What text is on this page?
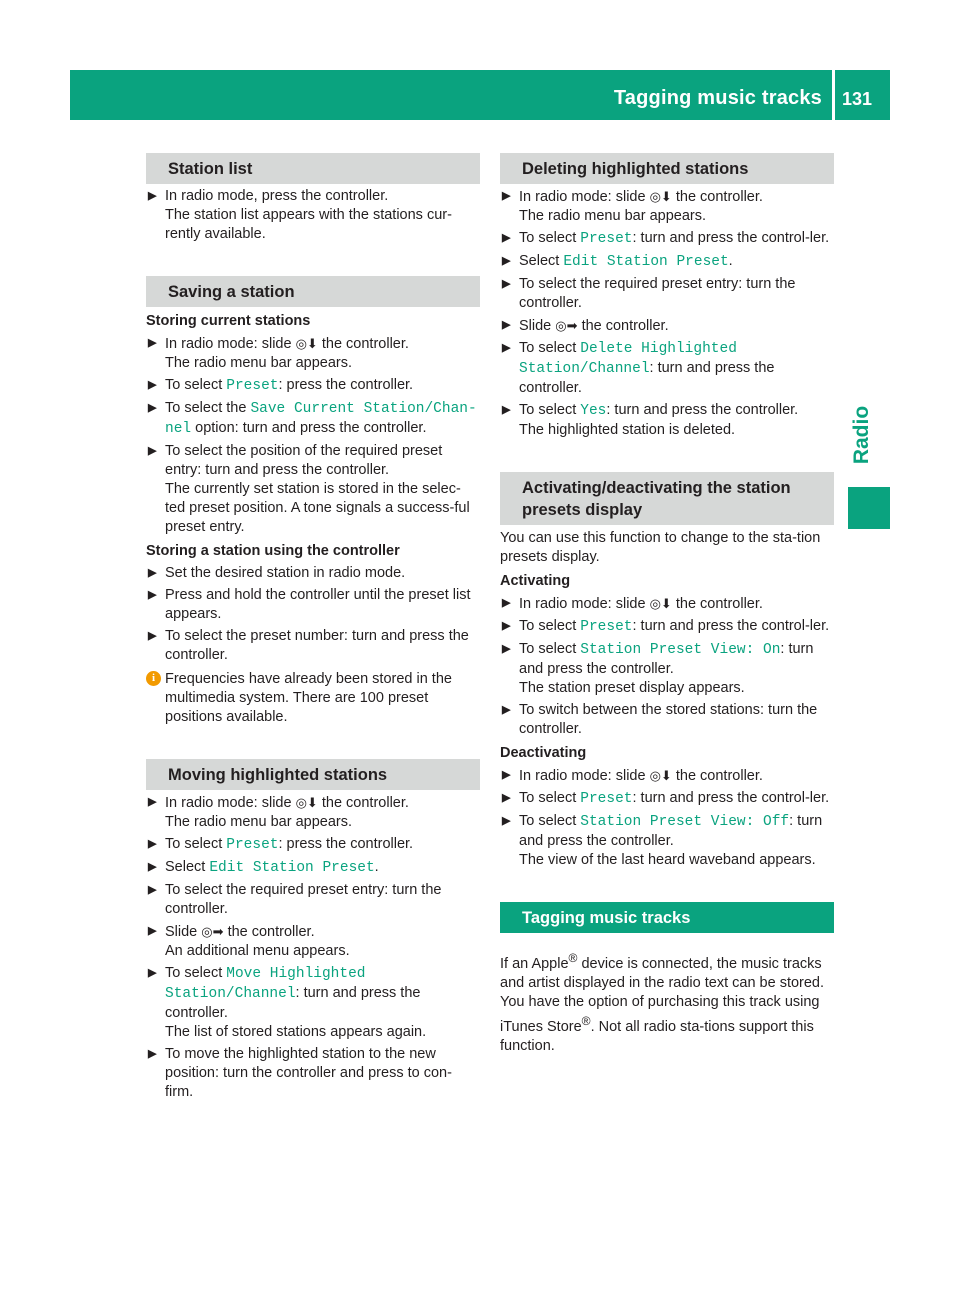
Tagging music tracks 131
Radio
Station list
▶ In radio mode, press the controller.
The station list appears with the stations cur-rently available.
Saving a station
Storing current stations
▶ In radio mode: slide ◎⬇ the controller.
The radio menu bar appears.
▶ To select Preset: press the controller.
▶ To select the Save Current Station/Chan-nel option: turn and press the controller.
▶ To select the position of the required preset entry: turn and press the controller.
The currently set station is stored in the selec-ted preset position. A tone signals a success-ful preset entry.
Storing a station using the controller
▶ Set the desired station in radio mode.
▶ Press and hold the controller until the preset list appears.
▶ To select the preset number: turn and press the controller.
i Frequencies have already been stored in the multimedia system. There are 100 preset positions available.
Moving highlighted stations
▶ In radio mode: slide ◎⬇ the controller.
The radio menu bar appears.
▶ To select Preset: press the controller.
▶ Select Edit Station Preset.
▶ To select the required preset entry: turn the controller.
▶ Slide ◎➡ the controller.
An additional menu appears.
▶ To select Move Highlighted Station/Channel: turn and press the controller.
The list of stored stations appears again.
▶ To move the highlighted station to the new position: turn the controller and press to con-firm.
Deleting highlighted stations
▶ In radio mode: slide ◎⬇ the controller.
The radio menu bar appears.
▶ To select Preset: turn and press the control-ler.
▶ Select Edit Station Preset.
▶ To select the required preset entry: turn the controller.
▶ Slide ◎➡ the controller.
▶ To select Delete Highlighted Station/Channel: turn and press the controller.
▶ To select Yes: turn and press the controller.
The highlighted station is deleted.
Activating/deactivating the station presets display
You can use this function to change to the sta-tion presets display.
Activating
▶ In radio mode: slide ◎⬇ the controller.
▶ To select Preset: turn and press the control-ler.
▶ To select Station Preset View: On: turn and press the controller.
The station preset display appears.
▶ To switch between the stored stations: turn the controller.
Deactivating
▶ In radio mode: slide ◎⬇ the controller.
▶ To select Preset: turn and press the control-ler.
▶ To select Station Preset View: Off: turn and press the controller.
The view of the last heard waveband appears.
Tagging music tracks
If an Apple® device is connected, the music tracks and artist displayed in the radio text can be stored. You have the option of purchasing this track using iTunes Store®. Not all radio sta-tions support this function.
